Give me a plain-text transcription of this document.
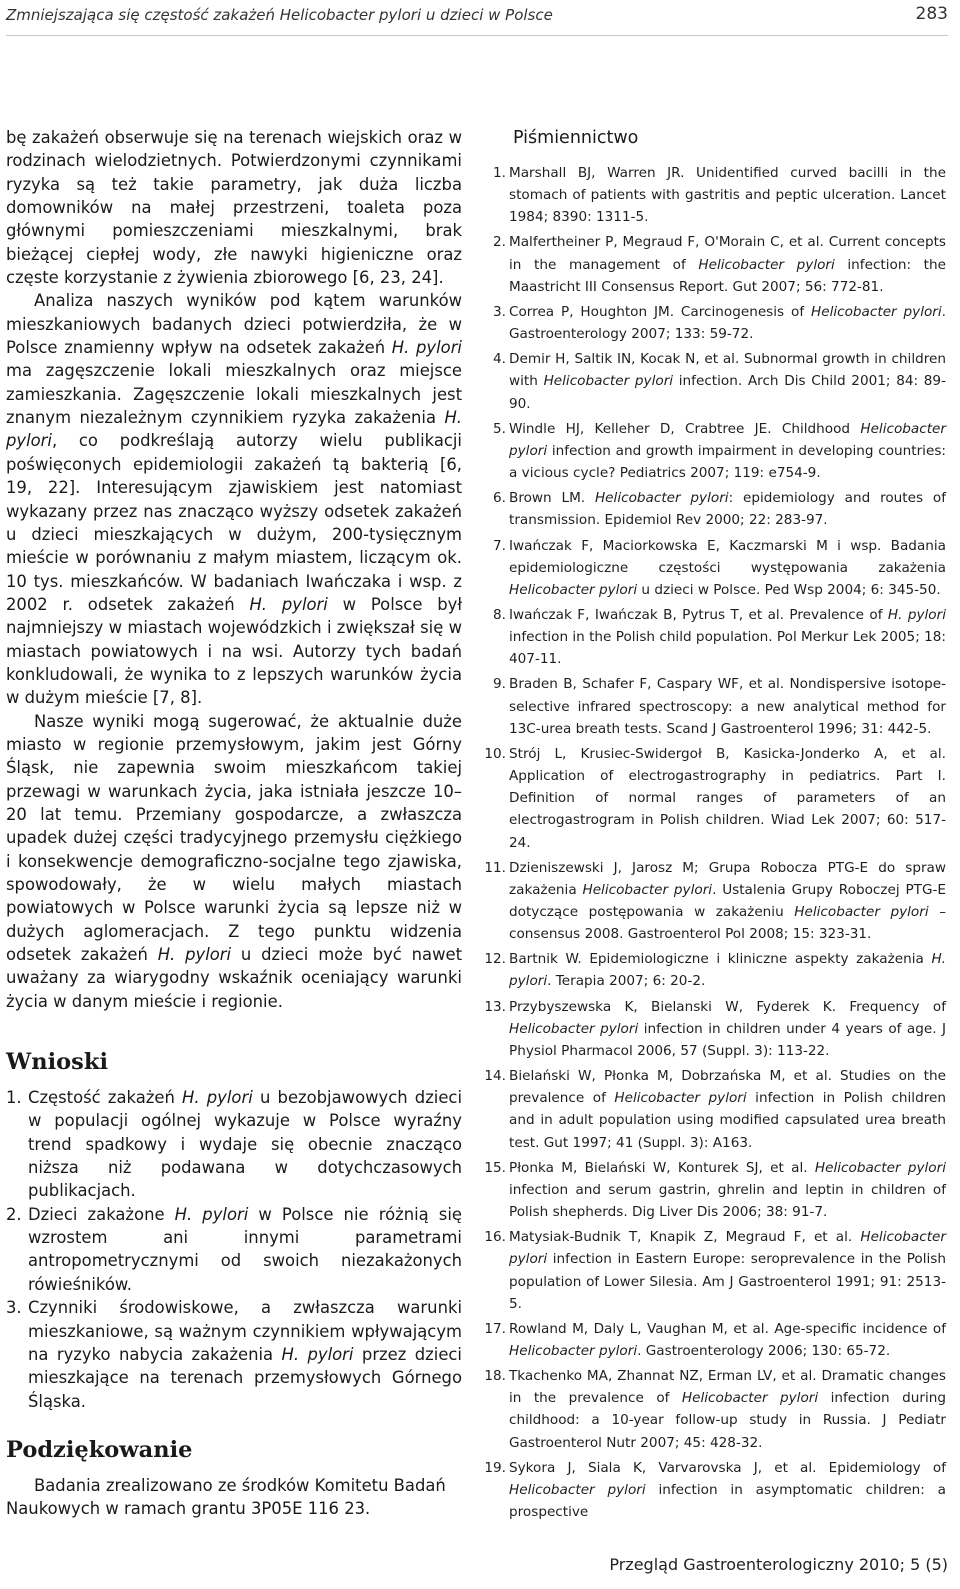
Zmniejszająca się częstość zakażeń Helicobacter pylori u dzieci w Polsce	283

bę zakażeń obserwuje się na terenach wiejskich oraz w rodzinach wielodzietnych. Potwierdzonymi czynnikami ryzyka są też takie parametry, jak duża liczba domowników na małej przestrzeni, toaleta poza głównymi pomieszczeniami mieszkalnymi, brak bieżącej ciepłej wody, złe nawyki higieniczne oraz częste korzystanie z żywienia zbiorowego [6, 23, 24].

Analiza naszych wyników pod kątem warunków mieszkaniowych badanych dzieci potwierdziła, że w Polsce znamienny wpływ na odsetek zakażeń H. pylori ma zagęszczenie lokali mieszkalnych oraz miejsce zamieszkania. Zagęszczenie lokali mieszkalnych jest znanym niezależnym czynnikiem ryzyka zakażenia H. pylori, co podkreślają autorzy wielu publikacji poświęconych epidemiologii zakażeń tą bakterią [6, 19, 22]. Interesującym zjawiskiem jest natomiast wykazany przez nas znacząco wyższy odsetek zakażeń u dzieci mieszkających w dużym, 200-tysięcznym mieście w porównaniu z małym miastem, liczącym ok. 10 tys. mieszkańców. W badaniach Iwańczaka i wsp. z 2002 r. odsetek zakażeń H. pylori w Polsce był najmniejszy w miastach wojewódzkich i zwiększał się w miastach powiatowych i na wsi. Autorzy tych badań konkludowali, że wynika to z lepszych warunków życia w dużym mieście [7, 8].

Nasze wyniki mogą sugerować, że aktualnie duże miasto w regionie przemysłowym, jakim jest Górny Śląsk, nie zapewnia swoim mieszkańcom takiej przewagi w warunkach życia, jaka istniała jeszcze 10–20 lat temu. Przemiany gospodarcze, a zwłaszcza upadek dużej części tradycyjnego przemysłu ciężkiego i konsekwencje demograficzno-socjalne tego zjawiska, spowodowały, że w wielu małych miastach powiatowych w Polsce warunki życia są lepsze niż w dużych aglomeracjach. Z tego punktu widzenia odsetek zakażeń H. pylori u dzieci może być nawet uważany za wiarygodny wskaźnik oceniający warunki życia w danym mieście i regionie.

Wnioski
1. Częstość zakażeń H. pylori u bezobjawowych dzieci w populacji ogólnej wykazuje w Polsce wyraźny trend spadkowy i wydaje się obecnie znacząco niższa niż podawana w dotychczasowych publikacjach.
2. Dzieci zakażone H. pylori w Polsce nie różnią się wzrostem ani innymi parametrami antropometrycznymi od swoich niezakażonych rówieśników.
3. Czynniki środowiskowe, a zwłaszcza warunki mieszkaniowe, są ważnym czynnikiem wpływającym na ryzyko nabycia zakażenia H. pylori przez dzieci mieszkające na terenach przemysłowych Górnego Śląska.
Podziękowanie

Badania zrealizowano ze środków Komitetu Badań Naukowych w ramach grantu 3P05E 116 23.

Piśmiennictwo
1. Marshall BJ, Warren JR. Unidentified curved bacilli in the stomach of patients with gastritis and peptic ulceration. Lancet 1984; 8390: 1311-5.
2. Malfertheiner P, Megraud F, O'Morain C, et al. Current concepts in the management of Helicobacter pylori infection: the Maastricht III Consensus Report. Gut 2007; 56: 772-81.
3. Correa P, Houghton JM. Carcinogenesis of Helicobacter pylori. Gastroenterology 2007; 133: 59-72.
4. Demir H, Saltik IN, Kocak N, et al. Subnormal growth in children with Helicobacter pylori infection. Arch Dis Child 2001; 84: 89-90.
5. Windle HJ, Kelleher D, Crabtree JE. Childhood Helicobacter pylori infection and growth impairment in developing countries: a vicious cycle? Pediatrics 2007; 119: e754-9.
6. Brown LM. Helicobacter pylori: epidemiology and routes of transmission. Epidemiol Rev 2000; 22: 283-97.
7. Iwańczak F, Maciorkowska E, Kaczmarski M i wsp. Badania epidemiologiczne częstości występowania zakażenia Helicobacter pylori u dzieci w Polsce. Ped Wsp 2004; 6: 345-50.
8. Iwańczak F, Iwańczak B, Pytrus T, et al. Prevalence of H. pylori infection in the Polish child population. Pol Merkur Lek 2005; 18: 407-11.
9. Braden B, Schafer F, Caspary WF, et al. Nondispersive isotope-selective infrared spectroscopy: a new analytical method for 13C-urea breath tests. Scand J Gastroenterol 1996; 31: 442-5.
10. Strój L, Krusiec-Swidergoł B, Kasicka-Jonderko A, et al. Application of electrogastrography in pediatrics. Part I. Definition of normal ranges of parameters of an electrogastrogram in Polish children. Wiad Lek 2007; 60: 517-24.
11. Dzieniszewski J, Jarosz M; Grupa Robocza PTG-E do spraw zakażenia Helicobacter pylori. Ustalenia Grupy Roboczej PTG-E dotyczące postępowania w zakażeniu Helicobacter pylori – consensus 2008. Gastroenterol Pol 2008; 15: 323-31.
12. Bartnik W. Epidemiologiczne i kliniczne aspekty zakażenia H. pylori. Terapia 2007; 6: 20-2.
13. Przybyszewska K, Bielanski W, Fyderek K. Frequency of Helicobacter pylori infection in children under 4 years of age. J Physiol Pharmacol 2006, 57 (Suppl. 3): 113-22.
14. Bielański W, Płonka M, Dobrzańska M, et al. Studies on the prevalence of Helicobacter pylori infection in Polish children and in adult population using modified capsulated urea breath test. Gut 1997; 41 (Suppl. 3): A163.
15. Płonka M, Bielański W, Konturek SJ, et al. Helicobacter pylori infection and serum gastrin, ghrelin and leptin in children of Polish shepherds. Dig Liver Dis 2006; 38: 91-7.
16. Matysiak-Budnik T, Knapik Z, Megraud F, et al. Helicobacter pylori infection in Eastern Europe: seroprevalence in the Polish population of Lower Silesia. Am J Gastroenterol 1991; 91: 2513-5.
17. Rowland M, Daly L, Vaughan M, et al. Age-specific incidence of Helicobacter pylori. Gastroenterology 2006; 130: 65-72.
18. Tkachenko MA, Zhannat NZ, Erman LV, et al. Dramatic changes in the prevalence of Helicobacter pylori infection during childhood: a 10-year follow-up study in Russia. J Pediatr Gastroenterol Nutr 2007; 45: 428-32.
19. Sykora J, Siala K, Varvarovska J, et al. Epidemiology of Helicobacter pylori infection in asymptomatic children: a prospective
Przegląd Gastroenterologiczny 2010; 5 (5)
